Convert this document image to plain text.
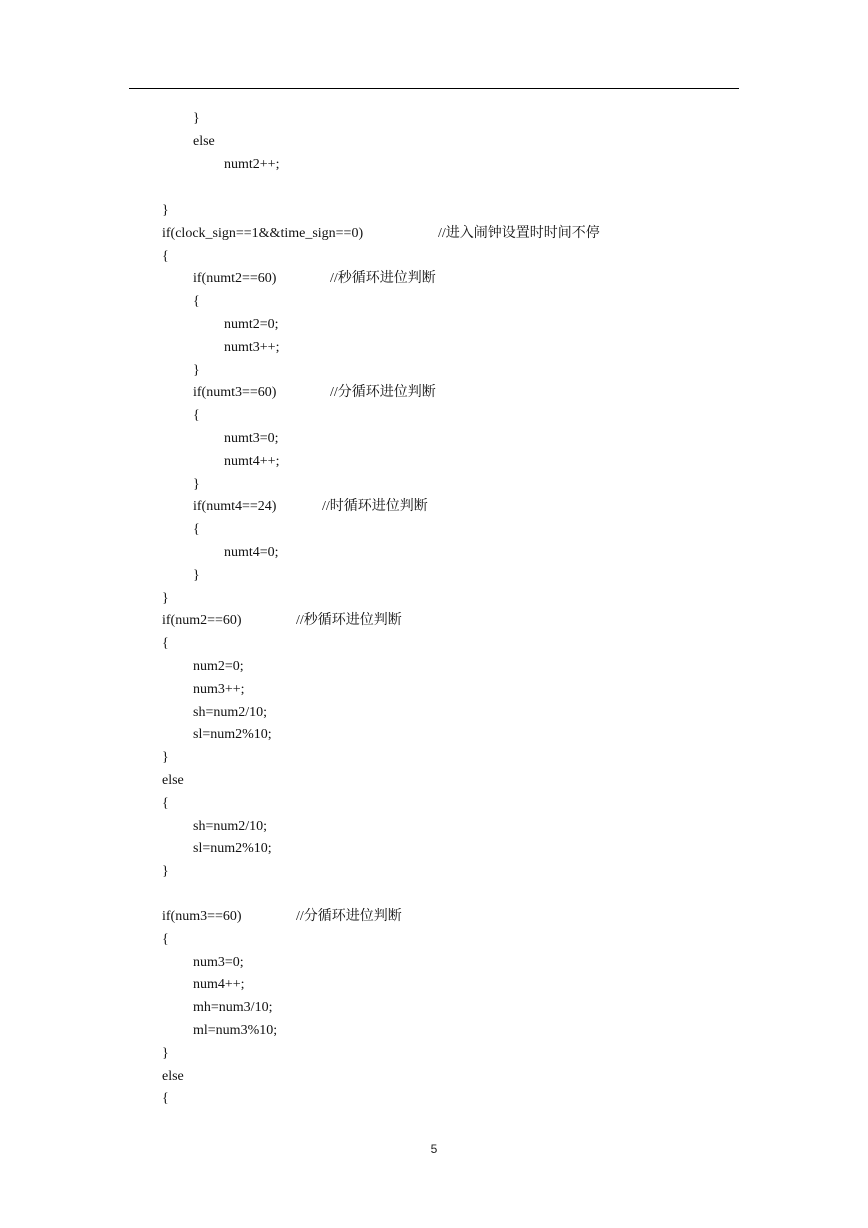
}
else
numt2++;
}
if(clock_sign==1&&time_sign==0)	//进入闹钟设置时时间不停
{
if(numt2==60)	//秒循环进位判断
{
numt2=0;
numt3++;
}
if(numt3==60)	//分循环进位判断
{
numt3=0;
numt4++;
}
if(numt4==24)	//时循环进位判断
{
numt4=0;
}
}
if(num2==60)	//秒循环进位判断
{
num2=0;
num3++;
sh=num2/10;
sl=num2%10;
}
else
{
sh=num2/10;
sl=num2%10;
}
if(num3==60)	//分循环进位判断
{
num3=0;
num4++;
mh=num3/10;
ml=num3%10;
}
else
{
5
